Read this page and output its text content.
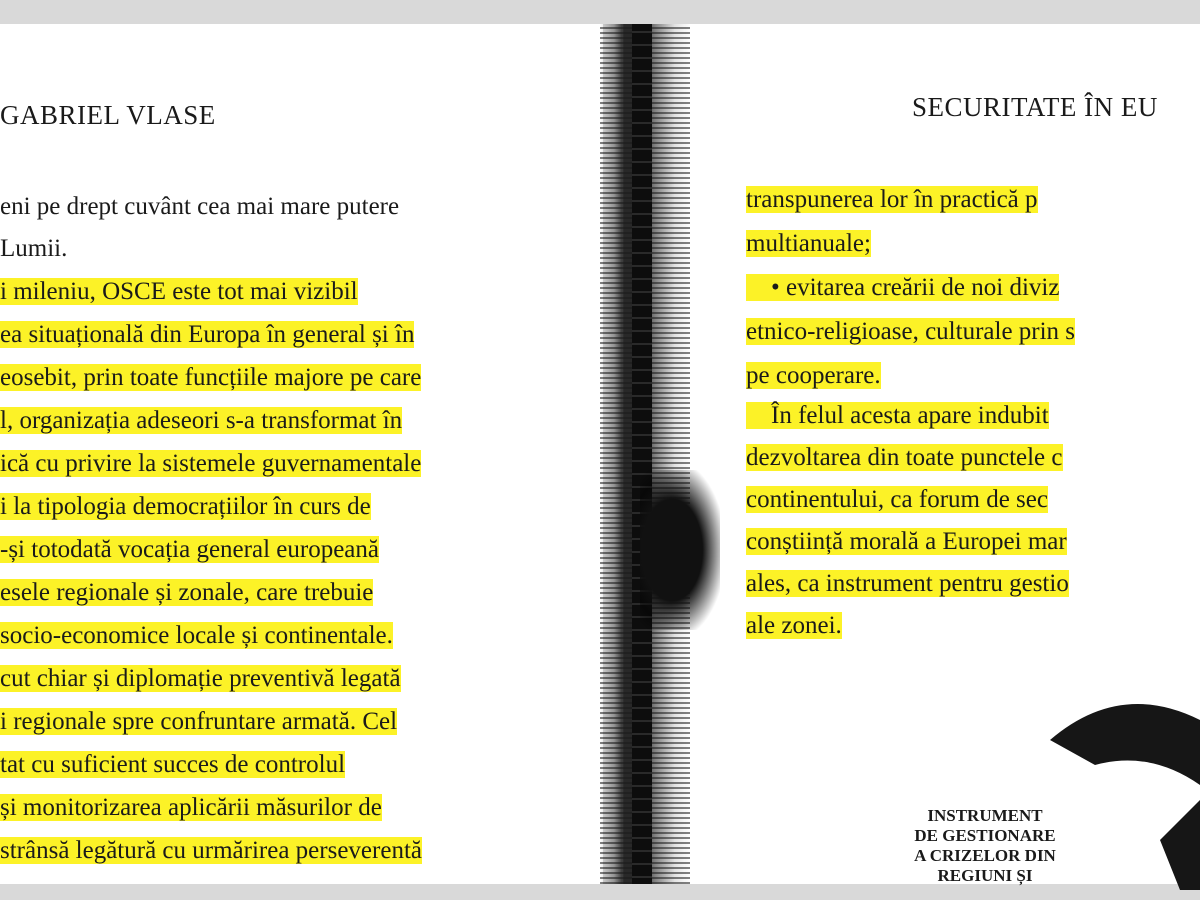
GABRIEL VLASE
eni pe drept cuvânt cea mai mare putere
Lumii.
i mileniu, OSCE este tot mai vizibil
ea situațională din Europa în general și în
eosebit, prin toate funcțiile majore pe care
l, organizația adeseori s-a transformat în
ică cu privire la sistemele guvernamentale
i la tipologia democrațiilor în curs de
-și totodată vocația general europeană
esele regionale și zonale, care trebuie
socio-economice locale și continentale.
cut chiar și diplomație preventivă legată
i regionale spre confruntare armată. Cel
tat cu suficient succes de controlul
și monitorizarea aplicării măsurilor de
strânsă legătură cu urmărirea perseverentă
SECURITATE ÎN EU
transpunerea lor în practică p
multianuale;
• evitarea creării de noi diviz
etnico-religioase, culturale prin s
pe cooperare.
În felul acesta apare indubit
dezvoltarea din toate punctele c
continentului, ca forum de sec
conștiință morală a Europei mar
ales, ca instrument pentru gestio
ale zonei.
INSTRUMENT
DE GESTIONARE
A CRIZELOR DIN
REGIUNI ȘI
